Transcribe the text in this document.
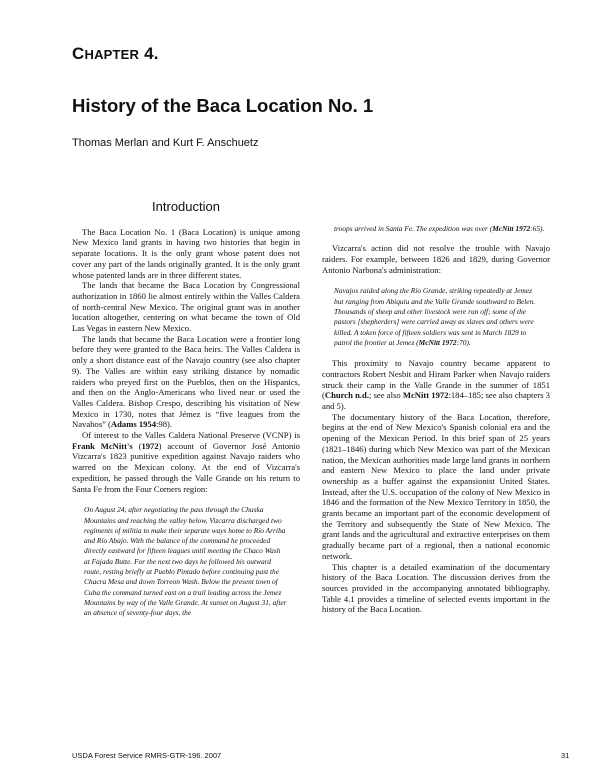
CHAPTER 4.
History of the Baca Location No. 1
Thomas Merlan and Kurt F. Anschuetz
Introduction

The Baca Location No. 1 (Baca Location) is unique among New Mexico land grants in having two histories that begin in separate locations. It is the only grant whose patent does not cover any part of the lands originally granted. It is the only grant whose patented lands are in three different states.

The lands that became the Baca Location by Congressional authorization in 1860 lie almost entirely within the Valles Caldera of north-central New Mexico. The original grant was in another location altogether, centering on what became the town of Old Las Vegas in eastern New Mexico.

The lands that became the Baca Location were a frontier long before they were granted to the Baca heirs. The Valles Caldera is only a short distance east of the Navajo country (see also chapter 9). The Valles are within easy striking distance by nomadic raiders who preyed first on the Pueblos, then on the Hispanics, and then on the Anglo-Americans who lived near or used the Valles Caldera. Bishop Crespo, describing his visitation of New Mexico in 1730, notes that Jémez is “five leagues from the Navahos” (Adams 1954:98).

Of interest to the Valles Caldera National Preserve (VCNP) is Frank McNitt's (1972) account of Governor José Antonio Vizcarra's 1823 punitive expedition against Navajo raiders who warred on the Mexican colony. At the end of Vizcarra's expedition, he passed through the Valle Grande on his return to Santa Fe from the Four Corners region:

On August 24, after negotiating the pass through the Chuska Mountains and reaching the valley below, Vizcarra discharged two regiments of militia to make their separate ways home to Río Arriba and Río Abajo. With the balance of the command he proceeded directly eastward for fifteen leagues until meeting the Chaco Wash at Fajada Butte. For the next two days he followed his outward route, resting briefly at Pueblo Pintado before continuing past the Chacra Mesa and down Torreon Wash. Below the present town of Cuba the command turned east on a trail leading across the Jemez Mountains by way of the Valle Grande. At sunset on August 31, after an absence of seventy-four days, the
troops arrived in Santa Fe. The expedition was over (McNitt 1972:65).

Vizcarra's action did not resolve the trouble with Navajo raiders. For example, between 1826 and 1829, during Governor Antonio Narbona's administration:

Navajos raided along the Río Grande, striking repeatedly at Jemez but ranging from Abiquiu and the Valle Grande southward to Belen. Thousands of sheep and other livestock were run off; some of the pastors [shepherders] were carried away as slaves and others were killed. A token force of fifteen soldiers was sent in March 1829 to patrol the frontier at Jemez (McNitt 1972:70).

This proximity to Navajo country became apparent to contractors Robert Nesbit and Hiram Parker when Navajo raiders struck their camp in the Valle Grande in the summer of 1851 (Church n.d.; see also McNitt 1972:184–185; see also chapters 3 and 5).

The documentary history of the Baca Location, therefore, begins at the end of New Mexico's Spanish colonial era and the opening of the Mexican Period. In this brief span of 25 years (1821–1846) during which New Mexico was part of the Mexican nation, the Mexican authorities made large land grants in northern and eastern New Mexico to place the land under private ownership as a buffer against the expansionist United States. Instead, after the U.S. occupation of the colony of New Mexico in 1846 and the formation of the New Mexico Territory in 1850, the grants became an important part of the economic development of the Territory and subsequently the State of New Mexico. The grant lands and the agricultural and extractive enterprises on them gradually became part of a regional, then a national economic network.

This chapter is a detailed examination of the documentary history of the Baca Location. The discussion derives from the sources provided in the accompanying annotated bibliography. Table 4.1 provides a timeline of selected events important in the history of the Baca Location.

USDA Forest Service RMRS-GTR-196. 2007	31
